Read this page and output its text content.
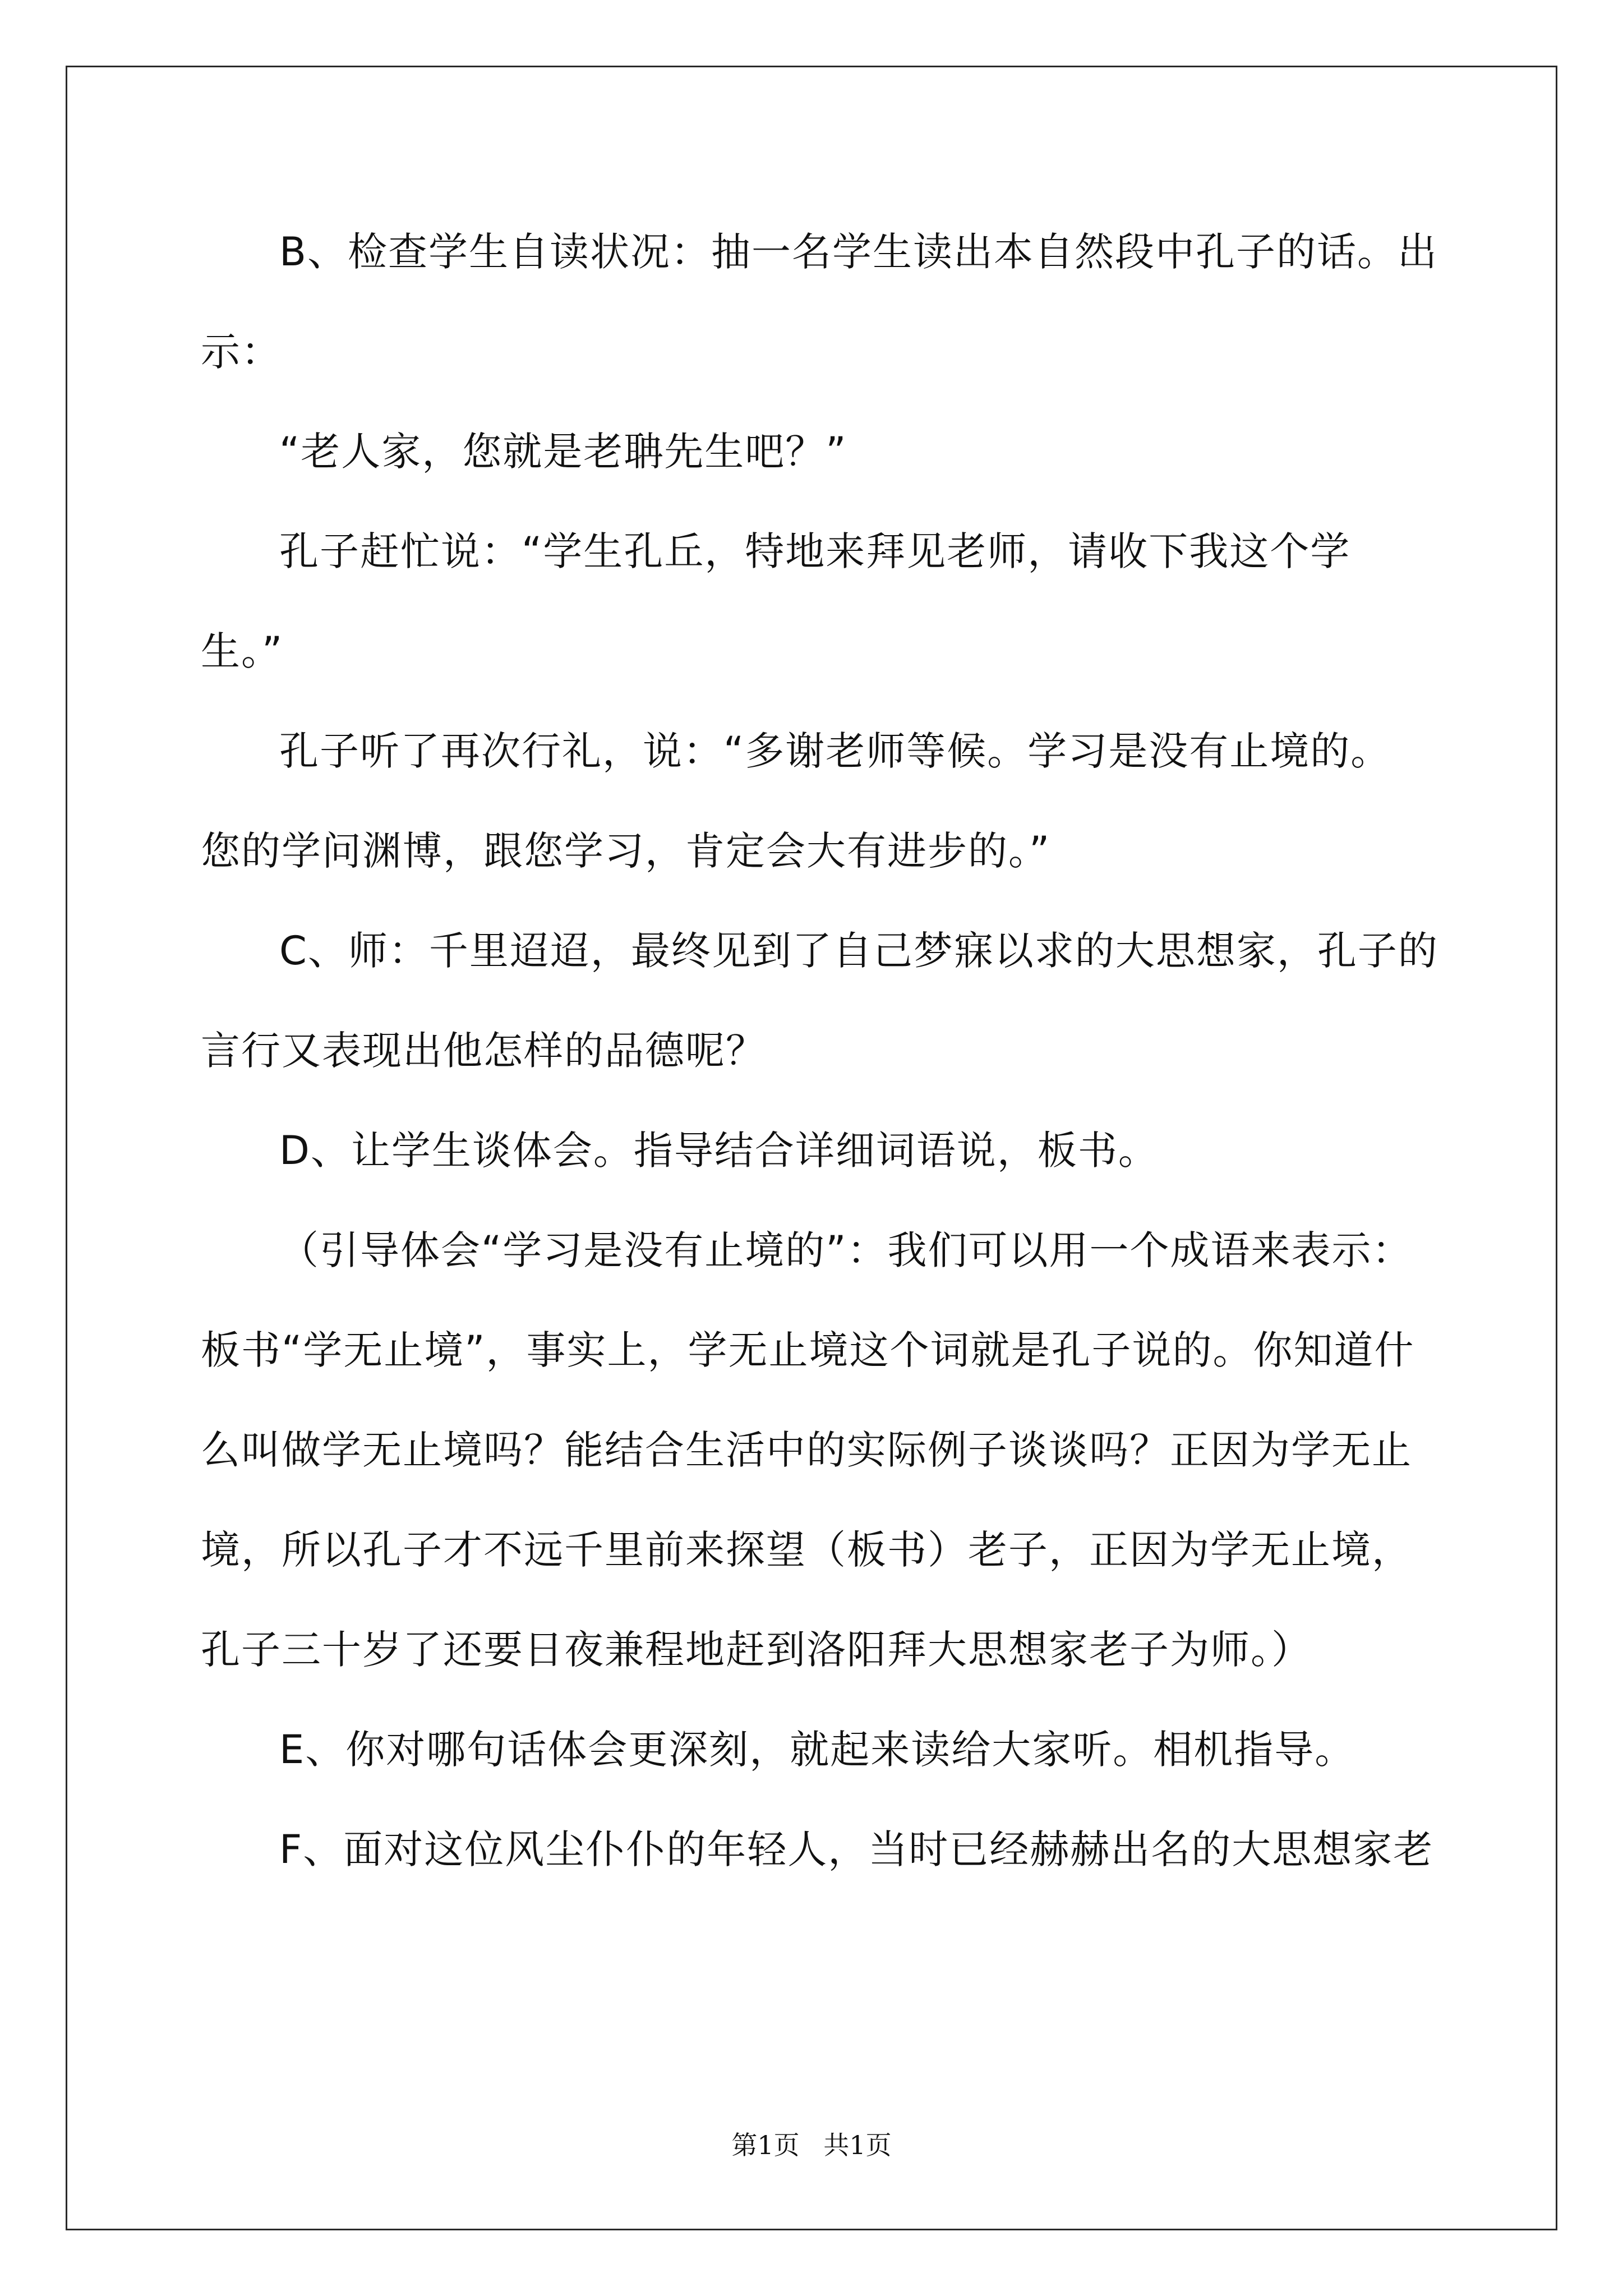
B、检查学生自读状况：抽一名学生读出本自然段中孔子的话。出

示：

“老人家，您就是老聃先生吧？”

孔子赶忙说：“学生孔丘，特地来拜见老师，请收下我这个学

生。”

孔子听了再次行礼，说：“多谢老师等候。学习是没有止境的。

您的学问渊博，跟您学习，肯定会大有进步的。”

C、师：千里迢迢，最终见到了自己梦寐以求的大思想家，孔子的

言行又表现出他怎样的品德呢？

D、让学生谈体会。指导结合详细词语说，板书。

（引导体会“学习是没有止境的”：我们可以用一个成语来表示：

板书“学无止境”，事实上，学无止境这个词就是孔子说的。你知道什

么叫做学无止境吗？能结合生活中的实际例子谈谈吗？正因为学无止

境，所以孔子才不远千里前来探望（板书）老子，正因为学无止境，

孔子三十岁了还要日夜兼程地赶到洛阳拜大思想家老子为师。）

E、你对哪句话体会更深刻，就起来读给大家听。相机指导。

F、面对这位风尘仆仆的年轻人，当时已经赫赫出名的大思想家老

第1页 共1页
